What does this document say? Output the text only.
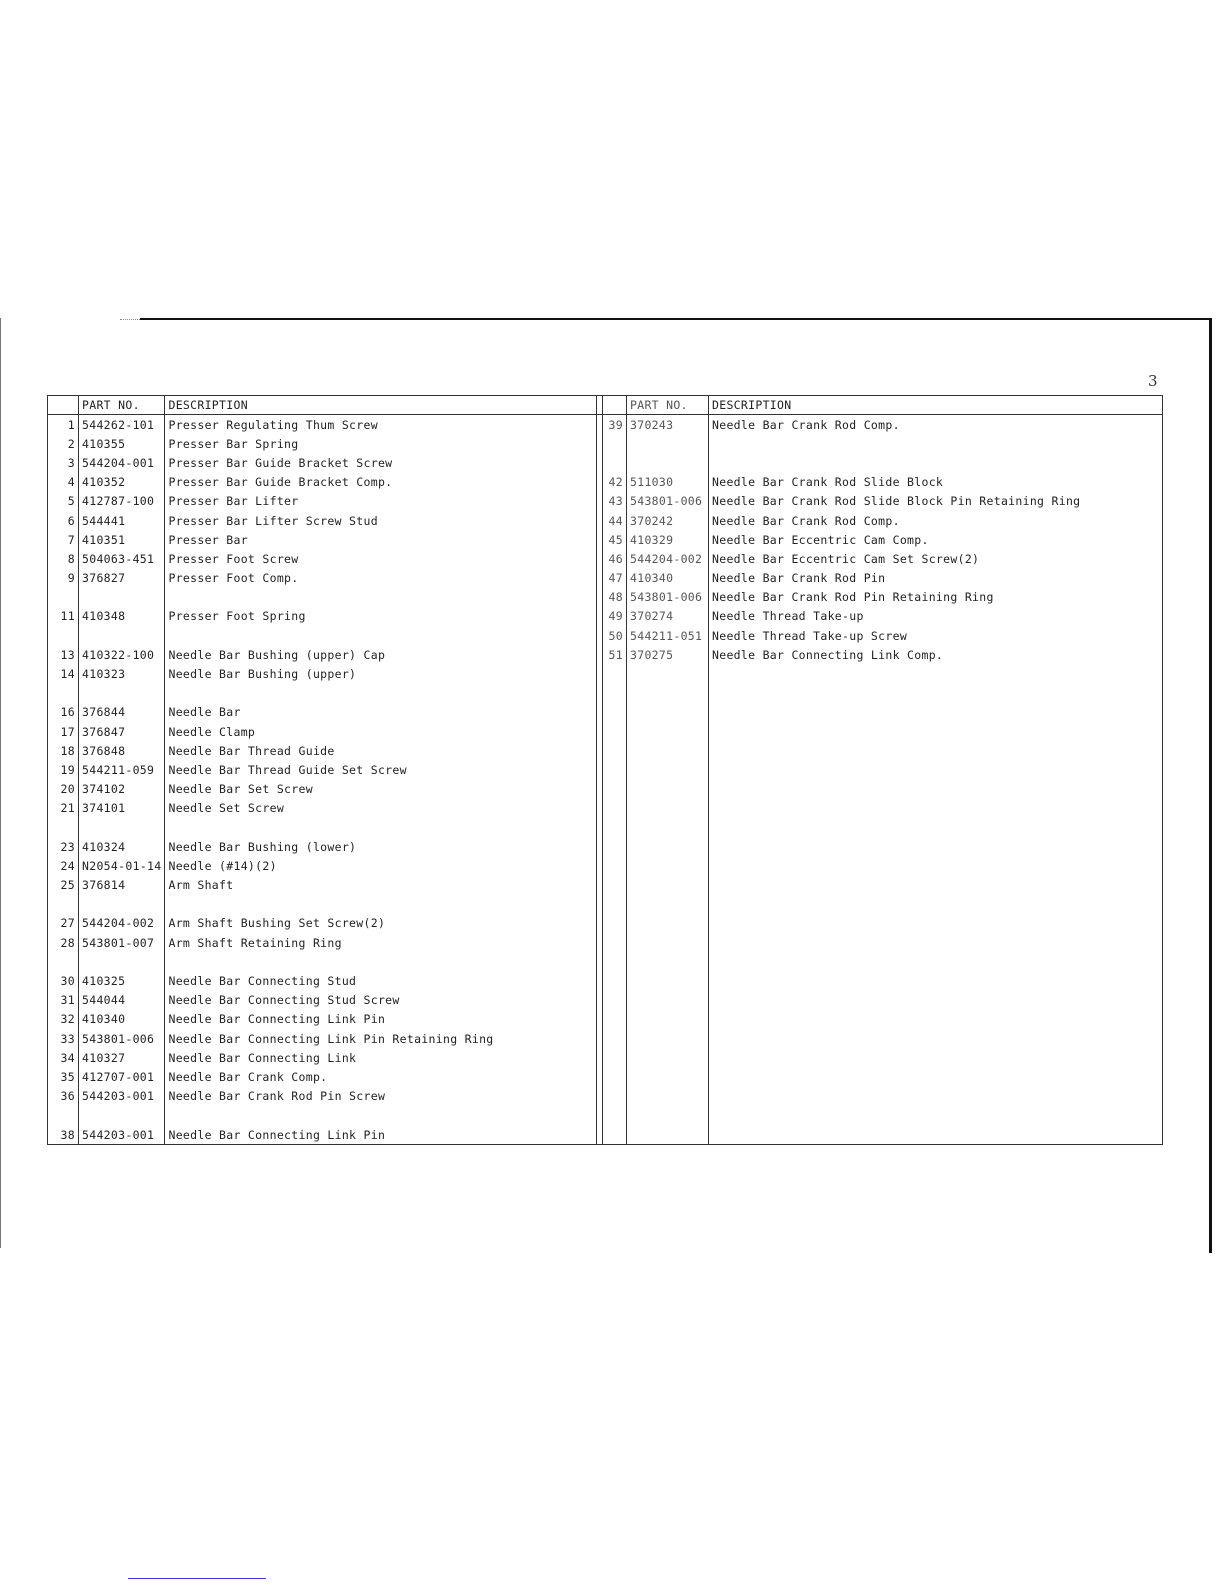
3
	PART NO.	DESCRIPTION
1	544262-101	Presser Regulating Thum Screw
2	410355	Presser Bar Spring
3	544204-001	Presser Bar Guide Bracket Screw
4	410352	Presser Bar Guide Bracket Comp.
5	412787-100	Presser Bar Lifter
6	544441	Presser Bar Lifter Screw Stud
7	410351	Presser Bar
8	504063-451	Presser Foot Screw
9	376827	Presser Foot Comp.

11	410348	Presser Foot Spring

13	410322-100	Needle Bar Bushing (upper) Cap
14	410323	Needle Bar Bushing (upper)

16	376844	Needle Bar
17	376847	Needle Clamp
18	376848	Needle Bar Thread Guide
19	544211-059	Needle Bar Thread Guide Set Screw
20	374102	Needle Bar Set Screw
21	374101	Needle Set Screw

23	410324	Needle Bar Bushing (lower)
24	N2054-01-14	Needle (#14)(2)
25	376814	Arm Shaft

27	544204-002	Arm Shaft Bushing Set Screw(2)
28	543801-007	Arm Shaft Retaining Ring

30	410325	Needle Bar Connecting Stud
31	544044	Needle Bar Connecting Stud Screw
32	410340	Needle Bar Connecting Link Pin
33	543801-006	Needle Bar Connecting Link Pin Retaining Ring
34	410327	Needle Bar Connecting Link
35	412707-001	Needle Bar Crank Comp.
36	544203-001	Needle Bar Crank Rod Pin Screw

38	544203-001	Needle Bar Connecting Link Pin
	PART NO.	DESCRIPTION
39	370243	Needle Bar Crank Rod Comp.

42	511030	Needle Bar Crank Rod Slide Block
43	543801-006	Needle Bar Crank Rod Slide Block Pin Retaining Ring
44	370242	Needle Bar Crank Rod Comp.
45	410329	Needle Bar Eccentric Cam Comp.
46	544204-002	Needle Bar Eccentric Cam Set Screw(2)
47	410340	Needle Bar Crank Rod Pin
48	543801-006	Needle Bar Crank Rod Pin Retaining Ring
49	370274	Needle Thread Take-up
50	544211-051	Needle Thread Take-up Screw
51	370275	Needle Bar Connecting Link Comp.
